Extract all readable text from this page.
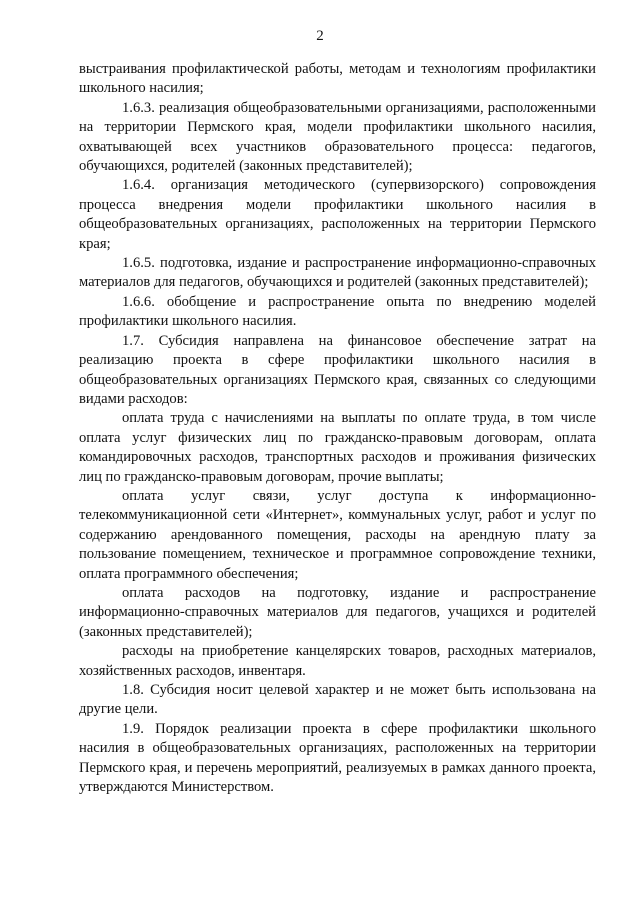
2

выстраивания профилактической работы, методам и технологиям профилактики школьного насилия;

1.6.3. реализация общеобразовательными организациями, расположенными на территории Пермского края, модели профилактики школьного насилия, охватывающей всех участников образовательного процесса: педагогов, обучающихся, родителей (законных представителей);

1.6.4. организация методического (супервизорского) сопровождения процесса внедрения модели профилактики школьного насилия в общеобразовательных организациях, расположенных на территории Пермского края;

1.6.5. подготовка, издание и распространение информационно-справочных материалов для педагогов, обучающихся и родителей (законных представителей);

1.6.6. обобщение и распространение опыта по внедрению моделей профилактики школьного насилия.

1.7. Субсидия направлена на финансовое обеспечение затрат на реализацию проекта в сфере профилактики школьного насилия в общеобразовательных организациях Пермского края, связанных со следующими видами расходов:

оплата труда с начислениями на выплаты по оплате труда, в том числе оплата услуг физических лиц по гражданско-правовым договорам, оплата командировочных расходов, транспортных расходов и проживания физических лиц по гражданско-правовым договорам, прочие выплаты;

оплата услуг связи, услуг доступа к информационно-телекоммуникационной сети «Интернет», коммунальных услуг, работ и услуг по содержанию арендованного помещения, расходы на арендную плату за пользование помещением, техническое и программное сопровождение техники, оплата программного обеспечения;

оплата расходов на подготовку, издание и распространение информационно-справочных материалов для педагогов, учащихся и родителей (законных представителей);

расходы на приобретение канцелярских товаров, расходных материалов, хозяйственных расходов, инвентаря.

1.8. Субсидия носит целевой характер и не может быть использована на другие цели.

1.9. Порядок реализации проекта в сфере профилактики школьного насилия в общеобразовательных организациях, расположенных на территории Пермского края, и перечень мероприятий, реализуемых в рамках данного проекта, утверждаются Министерством.
